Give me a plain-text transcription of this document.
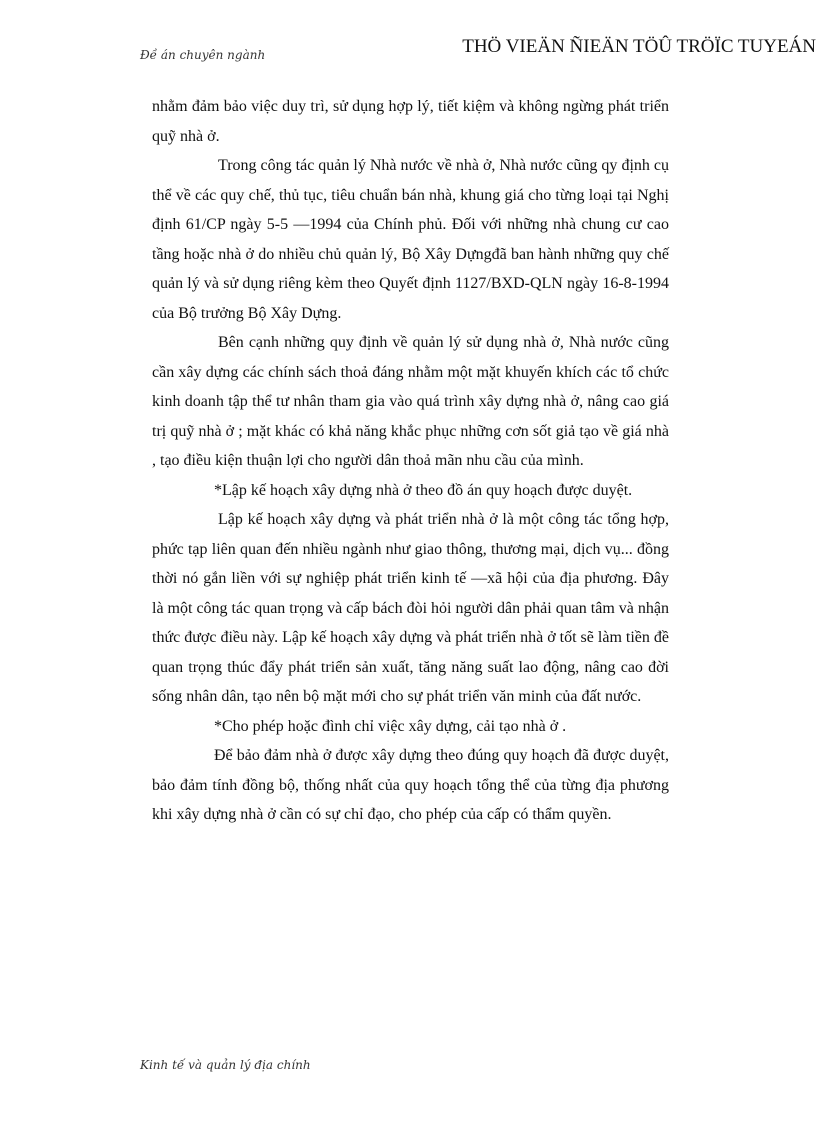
Đề án chuyên ngành	THÖ VIEÄN ÑIEÄN TÖÛ TRÖÏC TUYEÁN

nhằm đảm bảo việc duy trì, sử dụng hợp lý, tiết kiệm và không ngừng phát triển quỹ nhà ở.

Trong công tác quản lý Nhà nước về nhà ở, Nhà nước cũng qy định cụ thể về các quy chế, thủ tục, tiêu chuẩn bán nhà, khung giá cho từng loại tại Nghị định 61/CP ngày 5-5 —1994 của Chính phủ. Đối với những nhà chung cư cao tầng hoặc nhà ở do nhiều chủ quản lý, Bộ Xây Dựngđã ban hành những quy chế quản lý và sử dụng riêng kèm theo Quyết định 1127/BXD-QLN ngày 16-8-1994 của Bộ trưởng Bộ Xây Dựng.

Bên cạnh những quy định về quản lý sử dụng nhà ở, Nhà nước cũng cần xây dựng các chính sách thoả đáng nhằm một mặt khuyến khích các tổ chức kinh doanh tập thể tư nhân tham gia vào quá trình xây dựng nhà ở, nâng cao giá trị quỹ nhà ở ; mặt khác có khả năng khắc phục những cơn sốt giả tạo về giá nhà , tạo điều kiện thuận lợi cho người dân thoả mãn nhu cầu của mình.

*Lập kế hoạch xây dựng nhà ở theo đồ án quy hoạch được duyệt.

Lập kế hoạch xây dựng và phát triển nhà ở là một công tác tổng hợp, phức tạp liên quan đến nhiều ngành như giao thông, thương mại, dịch vụ... đồng thời nó gắn liền với sự nghiệp phát triển kinh tế —xã hội của địa phương. Đây là một công tác quan trọng và cấp bách đòi hỏi người dân phải quan tâm và nhận thức được điều này. Lập kế hoạch xây dựng và phát triển nhà ở tốt sẽ làm tiền đề quan trọng thúc đẩy phát triển sản xuất, tăng năng suất lao động, nâng cao đời sống nhân dân, tạo nên bộ mặt mới cho sự phát triển văn minh của đất nước.

*Cho phép hoặc đình chỉ việc xây dựng, cải tạo nhà ở .

Để bảo đảm nhà ở được xây dựng theo đúng quy hoạch đã được duyệt, bảo đảm tính đồng bộ, thống nhất của quy hoạch tổng thể của từng địa phương khi xây dựng nhà ở cần có sự chỉ đạo, cho phép của cấp có thẩm quyền.

Kinh tế và quản lý địa chính
